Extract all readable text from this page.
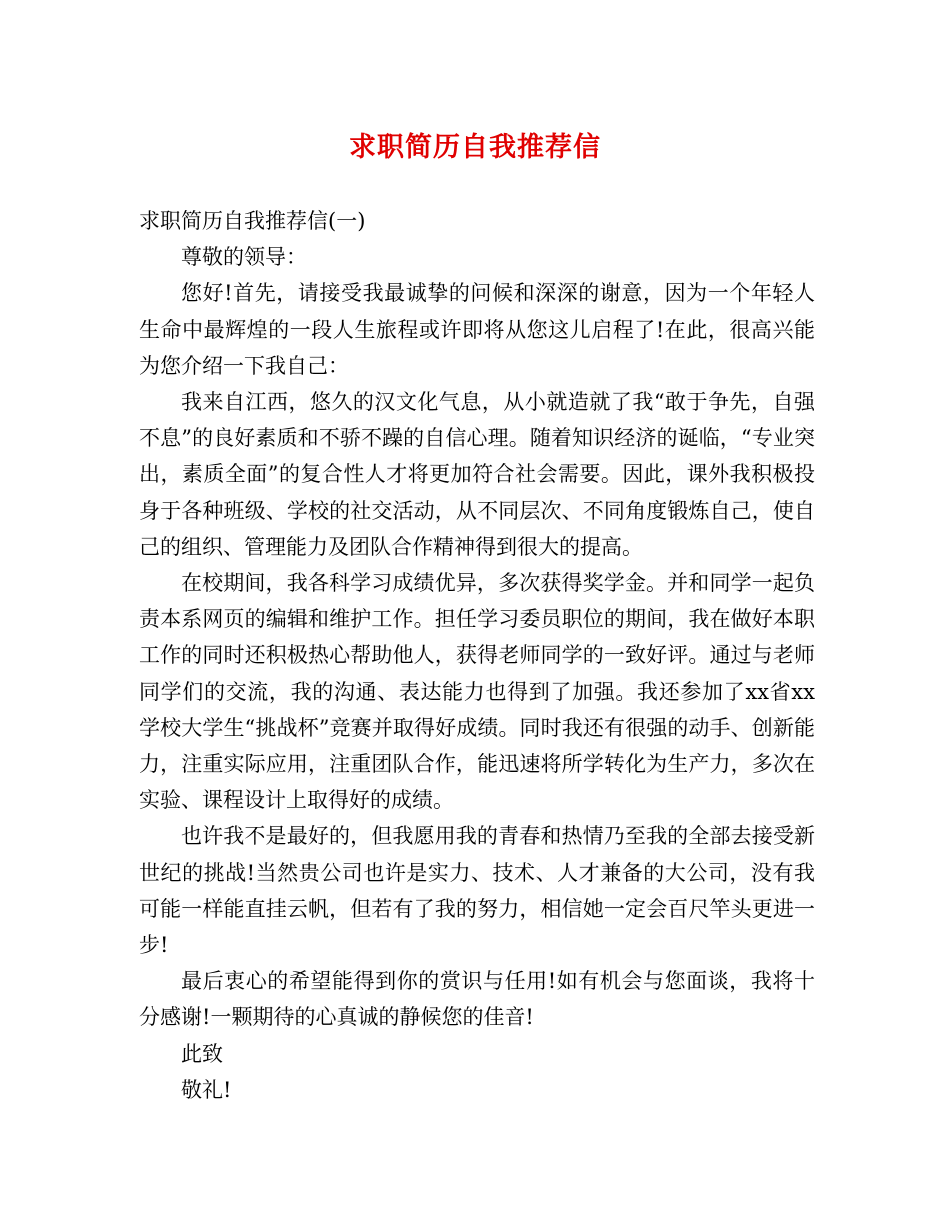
求职简历自我推荐信

求职简历自我推荐信(一)

尊敬的领导：

您好!首先，请接受我最诚挚的问候和深深的谢意，因为一个年轻人生命中最辉煌的一段人生旅程或许即将从您这儿启程了!在此，很高兴能为您介绍一下我自己：

我来自江西，悠久的汉文化气息，从小就造就了我“敢于争先，自强不息”的良好素质和不骄不躁的自信心理。随着知识经济的诞临，“专业突出，素质全面”的复合性人才将更加符合社会需要。因此，课外我积极投身于各种班级、学校的社交活动，从不同层次、不同角度锻炼自己，使自己的组织、管理能力及团队合作精神得到很大的提高。

在校期间，我各科学习成绩优异，多次获得奖学金。并和同学一起负责本系网页的编辑和维护工作。担任学习委员职位的期间，我在做好本职工作的同时还积极热心帮助他人，获得老师同学的一致好评。通过与老师同学们的交流，我的沟通、表达能力也得到了加强。我还参加了xx省xx学校大学生“挑战杯”竞赛并取得好成绩。同时我还有很强的动手、创新能力，注重实际应用，注重团队合作，能迅速将所学转化为生产力，多次在实验、课程设计上取得好的成绩。

也许我不是最好的，但我愿用我的青春和热情乃至我的全部去接受新世纪的挑战!当然贵公司也许是实力、技术、人才兼备的大公司，没有我可能一样能直挂云帆，但若有了我的努力，相信她一定会百尺竿头更进一步!

最后衷心的希望能得到你的赏识与任用!如有机会与您面谈，我将十分感谢!一颗期待的心真诚的静候您的佳音!

此致

敬礼!
